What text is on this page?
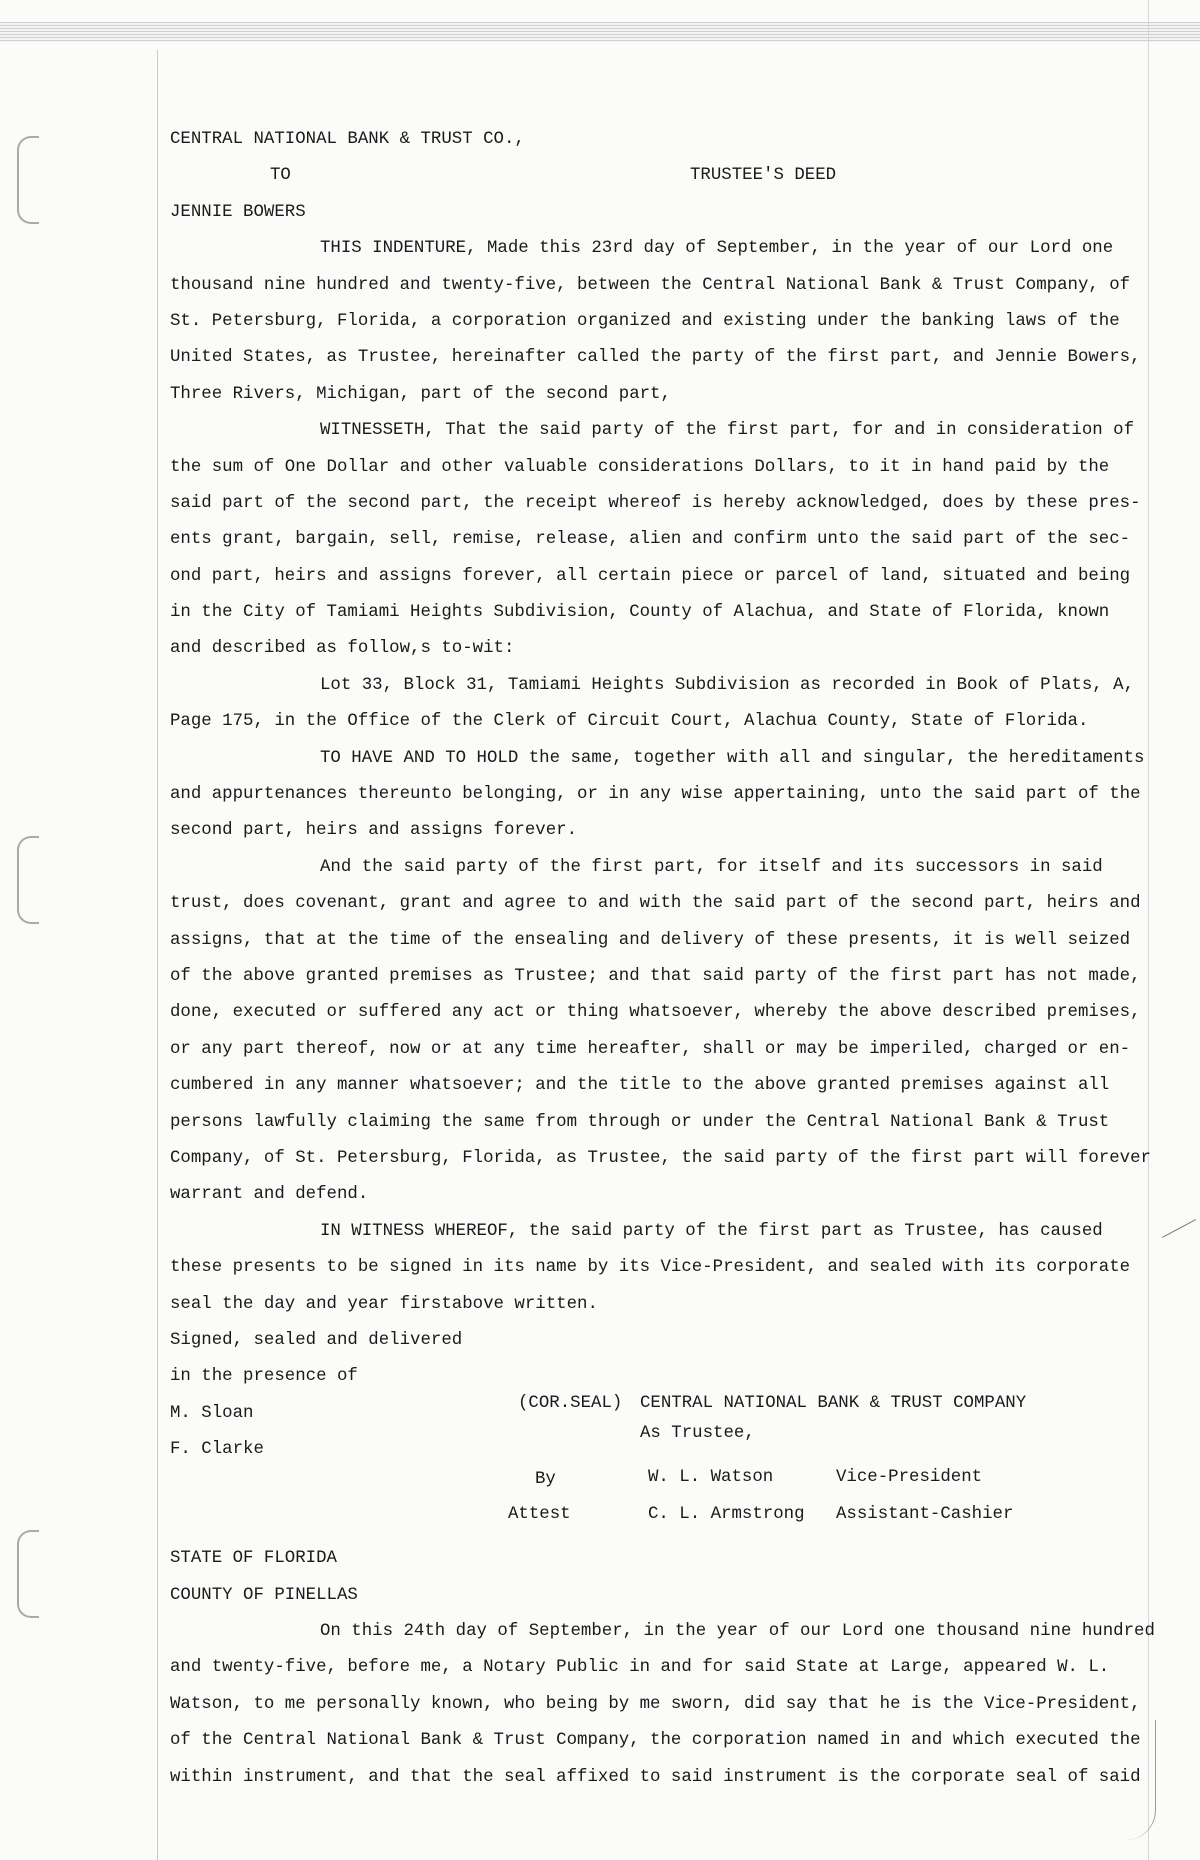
CENTRAL NATIONAL BANK & TRUST CO.,
TO	TRUSTEE'S DEED
JENNIE BOWERS
THIS INDENTURE, Made this 23rd day of September, in the year of our Lord one
thousand nine hundred and twenty-five, between the Central National Bank & Trust Company, of
St. Petersburg, Florida, a corporation organized and existing under the banking laws of the
United States, as Trustee, hereinafter called the party of the first part, and Jennie Bowers,
Three Rivers, Michigan, part of the second part,
WITNESSETH, That the said party of the first part, for and in consideration of
the sum of One Dollar and other valuable considerations Dollars, to it in hand paid by the
said part of the second part, the receipt whereof is hereby acknowledged, does by these pres-
ents grant, bargain, sell, remise, release, alien and confirm unto the said part of the sec-
ond part, heirs and assigns forever, all certain piece or parcel of land, situated and being
in the City of Tamiami Heights Subdivision, County of Alachua, and State of Florida, known
and described as follow,s to-wit:
Lot 33, Block 31, Tamiami Heights Subdivision as recorded in Book of Plats, A,
Page 175, in the Office of the Clerk of Circuit Court, Alachua County, State of Florida.
TO HAVE AND TO HOLD the same, together with all and singular, the hereditaments
and appurtenances thereunto belonging, or in any wise appertaining, unto the said part of the
second part, heirs and assigns forever.
And the said party of the first part, for itself and its successors in said
trust, does covenant, grant and agree to and with the said part of the second part, heirs and
assigns, that at the time of the ensealing and delivery of these presents, it is well seized
of the above granted premises as Trustee; and that said party of the first part has not made,
done, executed or suffered any act or thing whatsoever, whereby the above described premises,
or any part thereof, now or at any time hereafter, shall or may be imperiled, charged or en-
cumbered in any manner whatsoever; and the title to the above granted premises against all
persons lawfully claiming the same from through or under the Central National Bank & Trust
Company, of St. Petersburg, Florida, as Trustee, the said party of the first part will forever
warrant and defend.
IN WITNESS WHEREOF, the said party of the first part as Trustee, has caused
these presents to be signed in its name by its Vice-President, and sealed with its corporate
seal the day and year firstabove written.
Signed, sealed and delivered
in the presence of
M. Sloan
(COR.SEAL) CENTRAL NATIONAL BANK & TRUST COMPANY
F. Clarke
As Trustee,
By	W. L. Watson	Vice-President
Attest	C. L. Armstrong Assistant-Cashier
STATE OF FLORIDA
COUNTY OF PINELLAS
On this 24th day of September, in the year of our Lord one thousand nine hundred
and twenty-five, before me, a Notary Public in and for said State at Large, appeared W. L.
Watson, to me personally known, who being by me sworn, did say that he is the Vice-President,
of the Central National Bank & Trust Company, the corporation named in and which executed the
within instrument, and that the seal affixed to said instrument is the corporate seal of said
